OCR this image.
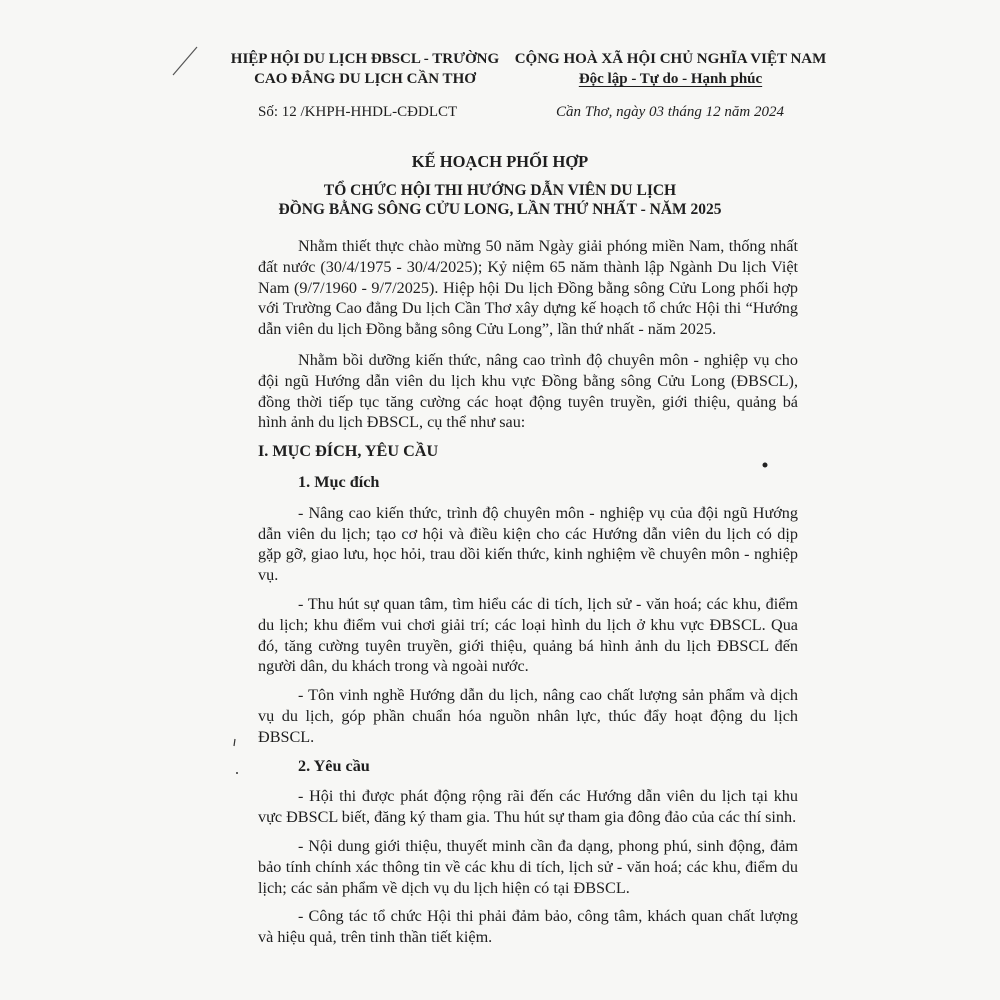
HIỆP HỘI DU LỊCH ĐBSCL - TRƯỜNG
CAO ĐẲNG DU LỊCH CẦN THƠ
CỘNG HOÀ XÃ HỘI CHỦ NGHĨA VIỆT NAM
Độc lập - Tự do - Hạnh phúc
Số: 12 /KHPH-HHDL-CĐDLCT	Cần Thơ, ngày 03 tháng 12 năm 2024
KẾ HOẠCH PHỐI HỢP
TỔ CHỨC HỘI THI HƯỚNG DẪN VIÊN DU LỊCH
ĐỒNG BẰNG SÔNG CỬU LONG, LẦN THỨ NHẤT - NĂM 2025

Nhằm thiết thực chào mừng 50 năm Ngày giải phóng miền Nam, thống nhất đất nước (30/4/1975 - 30/4/2025); Kỷ niệm 65 năm thành lập Ngành Du lịch Việt Nam (9/7/1960 - 9/7/2025). Hiệp hội Du lịch Đồng bằng sông Cửu Long phối hợp với Trường Cao đẳng Du lịch Cần Thơ xây dựng kế hoạch tổ chức Hội thi “Hướng dẫn viên du lịch Đồng bằng sông Cửu Long”, lần thứ nhất - năm 2025.

Nhằm bồi dưỡng kiến thức, nâng cao trình độ chuyên môn - nghiệp vụ cho đội ngũ Hướng dẫn viên du lịch khu vực Đồng bằng sông Cửu Long (ĐBSCL), đồng thời tiếp tục tăng cường các hoạt động tuyên truyền, giới thiệu, quảng bá hình ảnh du lịch ĐBSCL, cụ thể như sau:

I. MỤC ĐÍCH, YÊU CẦU
1. Mục đích

- Nâng cao kiến thức, trình độ chuyên môn - nghiệp vụ của đội ngũ Hướng dẫn viên du lịch; tạo cơ hội và điều kiện cho các Hướng dẫn viên du lịch có dịp gặp gỡ, giao lưu, học hỏi, trau dồi kiến thức, kinh nghiệm về chuyên môn - nghiệp vụ.

- Thu hút sự quan tâm, tìm hiểu các di tích, lịch sử - văn hoá; các khu, điểm du lịch; khu điểm vui chơi giải trí; các loại hình du lịch ở khu vực ĐBSCL. Qua đó, tăng cường tuyên truyền, giới thiệu, quảng bá hình ảnh du lịch ĐBSCL đến người dân, du khách trong và ngoài nước.

- Tôn vinh nghề Hướng dẫn du lịch, nâng cao chất lượng sản phẩm và dịch vụ du lịch, góp phần chuẩn hóa nguồn nhân lực, thúc đẩy hoạt động du lịch ĐBSCL.

2. Yêu cầu

- Hội thi được phát động rộng rãi đến các Hướng dẫn viên du lịch tại khu vực ĐBSCL biết, đăng ký tham gia. Thu hút sự tham gia đông đảo của các thí sinh.

- Nội dung giới thiệu, thuyết minh cần đa dạng, phong phú, sinh động, đảm bảo tính chính xác thông tin về các khu di tích, lịch sử - văn hoá; các khu, điểm du lịch; các sản phẩm về dịch vụ du lịch hiện có tại ĐBSCL.

- Công tác tổ chức Hội thi phải đảm bảo, công tâm, khách quan chất lượng và hiệu quả, trên tinh thần tiết kiệm.
